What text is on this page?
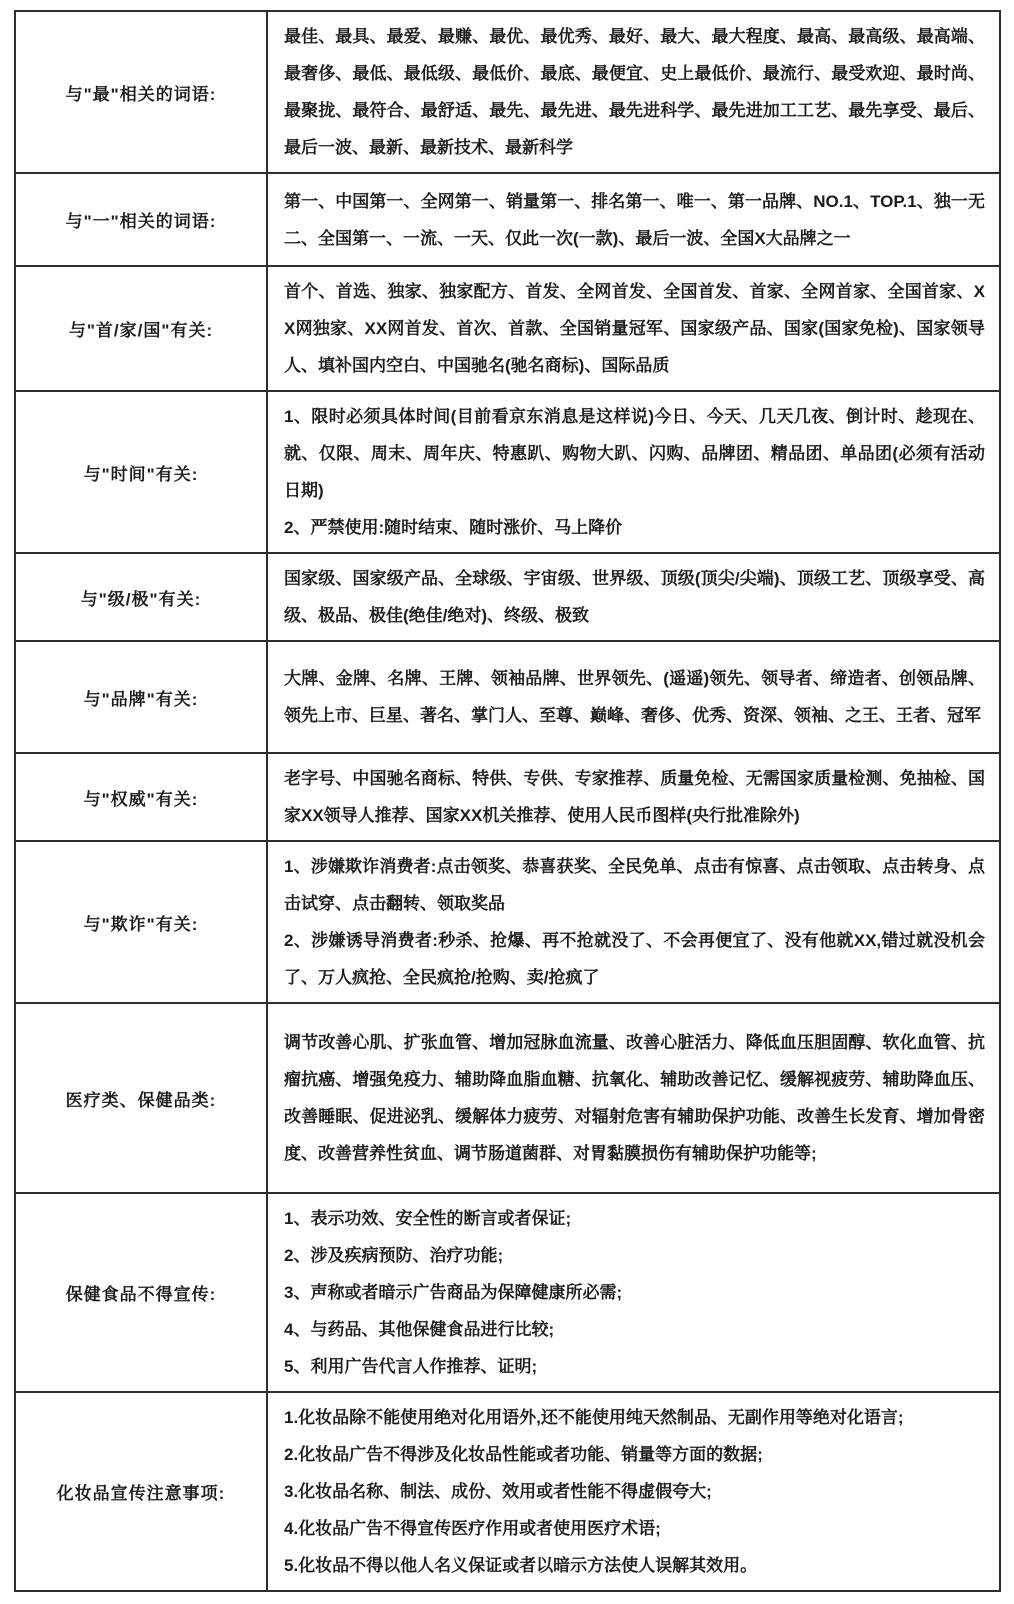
与"最"相关的词语:	最佳、最具、最爱、最赚、最优、最优秀、最好、最大、最大程度、最高、最高级、最高端、最奢侈、最低、最低级、最低价、最底、最便宜、史上最低价、最流行、最受欢迎、最时尚、最聚拢、最符合、最舒适、最先、最先进、最先进科学、最先进加工工艺、最先享受、最后、最后一波、最新、最新技术、最新科学

与"一"相关的词语:	第一、中国第一、全网第一、销量第一、排名第一、唯一、第一品牌、NO.1、TOP.1、独一无二、全国第一、一流、一天、仅此一次(一款)、最后一波、全国X大品牌之一

与"首/家/国"有关:	首个、首选、独家、独家配方、首发、全网首发、全国首发、首家、全网首家、全国首家、XX网独家、XX网首发、首次、首款、全国销量冠军、国家级产品、国家(国家免检)、国家领导人、填补国内空白、中国驰名(驰名商标)、国际品质

与"时间"有关:	1、限时必须具体时间(目前看京东消息是这样说)今日、今天、几天几夜、倒计时、趁现在、就、仅限、周末、周年庆、特惠趴、购物大趴、闪购、品牌团、精品团、单品团(必须有活动日期)

2、严禁使用:随时结束、随时涨价、马上降价

与"级/极"有关:	国家级、国家级产品、全球级、宇宙级、世界级、顶级(顶尖/尖端)、顶级工艺、顶级享受、高级、极品、极佳(绝佳/绝对)、终级、极致

与"品牌"有关:	大牌、金牌、名牌、王牌、领袖品牌、世界领先、(遥遥)领先、领导者、缔造者、创领品牌、领先上市、巨星、著名、掌门人、至尊、巅峰、奢侈、优秀、资深、领袖、之王、王者、冠军

与"权威"有关:	老字号、中国驰名商标、特供、专供、专家推荐、质量免检、无需国家质量检测、免抽检、国家XX领导人推荐、国家XX机关推荐、使用人民币图样(央行批准除外)

与"欺诈"有关:	1、涉嫌欺诈消费者:点击领奖、恭喜获奖、全民免单、点击有惊喜、点击领取、点击转身、点击试穿、点击翻转、领取奖品

2、涉嫌诱导消费者:秒杀、抢爆、再不抢就没了、不会再便宜了、没有他就XX,错过就没机会了、万人疯抢、全民疯抢/抢购、卖/抢疯了

医疗类、保健品类:	调节改善心肌、扩张血管、增加冠脉血流量、改善心脏活力、降低血压胆固醇、软化血管、抗瘤抗癌、增强免疫力、辅助降血脂血糖、抗氧化、辅助改善记忆、缓解视疲劳、辅助降血压、改善睡眠、促进泌乳、缓解体力疲劳、对辐射危害有辅助保护功能、改善生长发育、增加骨密度、改善营养性贫血、调节肠道菌群、对胃黏膜损伤有辅助保护功能等;

保健食品不得宣传:	1、表示功效、安全性的断言或者保证;

2、涉及疾病预防、治疗功能;

3、声称或者暗示广告商品为保障健康所必需;

4、与药品、其他保健食品进行比较;

5、利用广告代言人作推荐、证明;

化妆品宣传注意事项:	1.化妆品除不能使用绝对化用语外,还不能使用纯天然制品、无副作用等绝对化语言;

2.化妆品广告不得涉及化妆品性能或者功能、销量等方面的数据;

3.化妆品名称、制法、成份、效用或者性能不得虚假夸大;

4.化妆品广告不得宣传医疗作用或者使用医疗术语;

5.化妆品不得以他人名义保证或者以暗示方法使人误解其效用。
